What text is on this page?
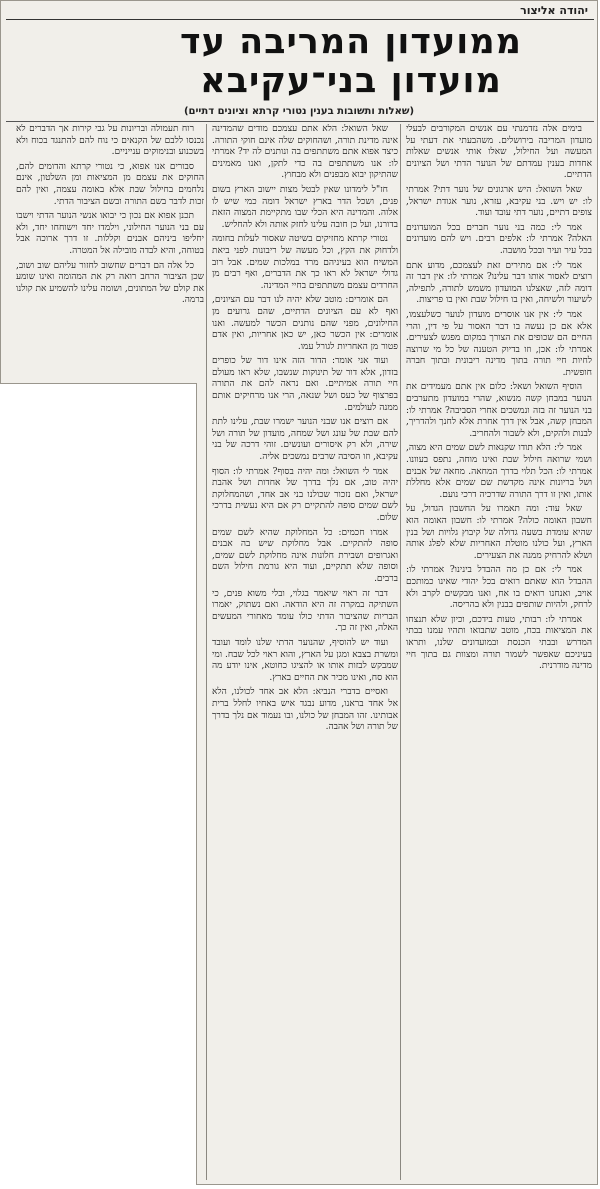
יהודה אליצור
ממועדון המריבה עד
מועדון בני־עקיבא
(שאלות ותשובות בענין נטורי קרתא וציונים דתיים)

בימים אלה נזדמנתי עם אנשים המקורבים לבעלי מועדון המריבה בירושלים. משהבעתי את דעתי על המעשה ועל החילול, שאלו אותי אנשים שאלות אחדות בענין עמדתם של הנוער הדתי ושל הציונים הדתיים.

שאל השואל: היש ארגונים של נוער דתי? אמרתי לו: יש ויש. בני עקיבא, עזרא, נוער אגודת ישראל, צופים דתיים, נוער דתי עובד ועוד.

אמר לי: כמה בני נוער חברים בכל המועדונים האלה? אמרתי לו: אלפים רבים. ויש להם מועדונים בכל עיר ועיר ובכל מושבה.

אמר לי: אם מתירים זאת לעצמכם, מדוע אתם רוצים לאסור אותו דבר עלינו? אמרתי לו: אין דבר זה דומה לזה, שאצלנו המועדון משמש לתורה, לתפילה, לשיעור ולשיחה, ואין בו חילול שבת ואין בו פריצות.

אמר לי: אין אנו אוסרים מועדון לנוער כשלעצמו, אלא אם כן נעשה בו דבר האסור על פי דין, והרי החיים הם שכופים את הצורך במקום מפגש לצעירים. אמרתי לו: אכן, וזו בדיוק הטענה של כל מי שרוצה לחיות חיי תורה בתוך מדינה ריבונית ובתוך חברה חופשית.

הוסיף השואל ושאל: כלום אין אתם מעמידים את הנוער במבחן קשה מנשוא, שהרי במועדון מתערבים בני הנוער זה בזה ונמשכים אחרי הסביבה? אמרתי לו: המבחן קשה, אבל אין דרך אחרת אלא לחנך ולהדריך, לבנות ולהקים, ולא לשבור ולהחריב.

אמר לי: הלא תודו שקנאות לשם שמים היא מצוה, ושמי שרואה חילול שבת ואינו מוחה, נתפס בעוונו. אמרתי לו: הכל תלוי בדרך המחאה. מחאה של אבנים ושל בריונות אינה מקדשת שם שמים אלא מחללת אותו, ואין זו דרך התורה שדרכיה דרכי נועם.

שאל עוד: ומה תאמרו על החשבון הגדול, על חשבון האומה כולה? אמרתי לו: חשבון האומה הוא שהיא עומדת בשעה גדולה של קיבוץ גלויות ושל בנין הארץ, ועל כולנו מוטלת האחריות שלא לפלג אותה ושלא להרחיק ממנה את הצעירים.

אמר לי: אם כן מה ההבדל בינינו? אמרתי לו: ההבדל הוא שאתם רואים בכל יהודי שאינו כמותכם אויב, ואנחנו רואים בו אח, ואנו מבקשים לקרב ולא לרחק, ולהיות שותפים בבנין ולא בהריסה.

אמרתי לו: רבותי, טעות בידכם, וכיון שלא תנצחו את המציאות בכח, מוטב שתבואו ותהיו עמנו בבתי המדרש ובבתי הכנסת ובמועדונים שלנו, ותראו בעיניכם שאפשר לשמור תורה ומצוות גם בתוך חיי מדינה מודרנית.

שאל השואל: הלא אתם עצמכם מודים שהמדינה אינה מדינת תורה, ושהחוקים שלה אינם חוקי התורה. כיצד אפוא אתם משתתפים בה ונותנים לה יד? אמרתי לו: אנו משתתפים בה כדי לתקן, ואנו מאמינים שהתיקון יבוא מבפנים ולא מבחוץ.

חז"ל לימדונו שאין לבטל מצות יישוב הארץ בשום פנים, ושכל הדר בארץ ישראל דומה כמי שיש לו אלוה. והמדינה היא הכלי שבו מתקיימת המצוה הזאת בדורנו, ועל כן חובה עלינו לחזק אותה ולא להחליש.

נטורי קרתא מחזיקים בשיטה שאסור לעלות בחומה ולדחוק את הקץ, וכל מעשה של ריבונות לפני ביאת המשיח הוא בעיניהם מרד במלכות שמים. אבל רוב גדולי ישראל לא ראו כך את הדברים, ואף רבים מן החרדים עצמם משתתפים בחיי המדינה.

הם אומרים: מוטב שלא יהיה לנו דבר עם הציונים, ואף לא עם הציונים הדתיים, שהם גרועים מן החילונים, מפני שהם נותנים הכשר למעשה. ואנו אומרים: אין הכשר כאן, יש כאן אחריות, ואין אדם פטור מן האחריות לגורל עמו.

ועוד אני אומר: הדור הזה אינו דור של כופרים בזדון, אלא דור של תינוקות שנשבו, שלא ראו מעולם חיי תורה אמיתיים. ואם נראה להם את התורה בפרצוף של כעס ושל שנאה, הרי אנו מרחיקים אותם ממנה לעולמים.

אם רוצים אנו שבני הנוער ישמרו שבת, עלינו לתת להם שבת של עונג ושל שמחה, מועדון של תורה ושל שירה, ולא רק איסורים ועונשים. זוהי דרכה של בני עקיבא, וזו הסיבה שרבים נמשכים אליה.

אמר לי השואל: ומה יהיה בסוף? אמרתי לו: הסוף יהיה טוב, אם נלך בדרך של אחדות ושל אהבת ישראל, ואם נזכור שכולנו בני אב אחד, ושהמחלוקת לשם שמים סופה להתקיים רק אם היא נעשית בדרכי שלום.

אמרו חכמים: כל המחלוקת שהיא לשם שמים סופה להתקיים. אבל מחלוקת שיש בה אבנים ואגרופים ושבירת חלונות אינה מחלוקת לשם שמים, וסופה שלא תתקיים, ועוד היא גורמת חילול השם ברבים.

דבר זה ראוי שיאמר בגלוי, ובלי משוא פנים, כי השתיקה במקרה זה היא הודאה. ואם נשתוק, יאמרו הבריות שהציבור הדתי כולו עומד מאחורי המעשים האלה, ואין זה כך.

ועוד יש להוסיף, שהנוער הדתי שלנו לומד ועובד ומשרת בצבא ומגן על הארץ, והוא ראוי לכל שבח. ומי שמבקש לבזות אותו או להציגו כחוטא, אינו יודע מה הוא סח, ואינו מכיר את החיים בארץ.

ואסיים בדברי הנביא: הלא אב אחד לכולנו, הלא אל אחד בראנו, מדוע נבגד איש באחיו לחלל ברית אבותינו. זהו המבחן של כולנו, ובו נעמוד אם נלך בדרך של תורה ושל אהבה.

רוח תעמולה ובריונות על גבי קירות אך הדברים לא נכנסו ללבם של הקנאים כי נוח להם להתנגד בכוח ולא בשכנוע ובנימוקים ענייניים.

סבורים אנו אפוא, כי נטורי קרתא והדומים להם, החוקים את עצמם מן המציאות ומן השלטון, אינם נלחמים בחילול שבת אלא באומה עצמה, ואין להם זכות לדבר בשם התורה ובשם הציבור הדתי.

תכנן אפוא אם נכון כי יבואו אנשי הנוער הדתי וישבו עם בני הנוער החילוני, וילמדו יחד וישוחחו יחד, ולא יחליפו ביניהם אבנים וקללות. זו דרך ארוכה אבל בטוחה, והיא לבדה מובילה אל המטרה.

כל אלה הם דברים שחשוב לחזור עליהם שוב ושוב, שכן הציבור הרחב רואה רק את המהומה ואינו שומע את קולם של המתונים, ושומה עלינו להשמיע את קולנו ברמה.
